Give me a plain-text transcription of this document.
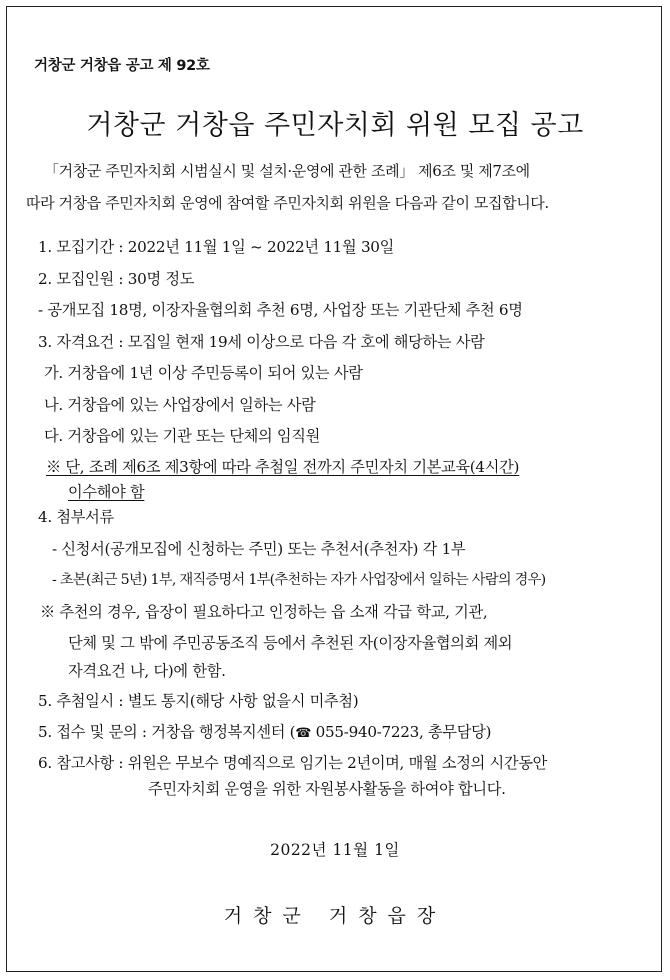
거창군 거창읍 공고 제 92호
거창군 거창읍 주민자치회 위원 모집 공고
「거창군 주민자치회 시범실시 및 설치·운영에 관한 조례」 제6조 및 제7조에
따라 거창읍 주민자치회 운영에 참여할 주민자치회 위원을 다음과 같이 모집합니다.
1. 모집기간 : 2022년 11월 1일 ~ 2022년 11월 30일
2. 모집인원 : 30명 정도
- 공개모집 18명, 이장자율협의회 추천 6명, 사업장 또는 기관단체 추천 6명
3. 자격요건 : 모집일 현재 19세 이상으로 다음 각 호에 해당하는 사람
가. 거창읍에 1년 이상 주민등록이 되어 있는 사람
나. 거창읍에 있는 사업장에서 일하는 사람
다. 거창읍에 있는 기관 또는 단체의 임직원
※ 단, 조례 제6조 제3항에 따라 추첨일 전까지 주민자치 기본교육(4시간)
이수해야 함
4. 첨부서류
- 신청서(공개모집에 신청하는 주민) 또는 추천서(추천자) 각 1부
- 초본(최근 5년) 1부, 재직증명서 1부(추천하는 자가 사업장에서 일하는 사람의 경우)
※ 추천의 경우, 읍장이 필요하다고 인정하는 읍 소재 각급 학교, 기관,
단체 및 그 밖에 주민공동조직 등에서 추천된 자(이장자율협의회 제외
자격요건 나, 다)에 한함.
5. 추첨일시 : 별도 통지(해당 사항 없을시 미추첨)
5. 접수 및 문의 : 거창읍 행정복지센터 (☎ 055-940-7223, 총무담당)
6. 참고사항 : 위원은 무보수 명예직으로 임기는 2년이며, 매월 소정의 시간동안
주민자치회 운영을 위한 자원봉사활동을 하여야 합니다.
2022년 11월 1일
거창군 거창읍장
